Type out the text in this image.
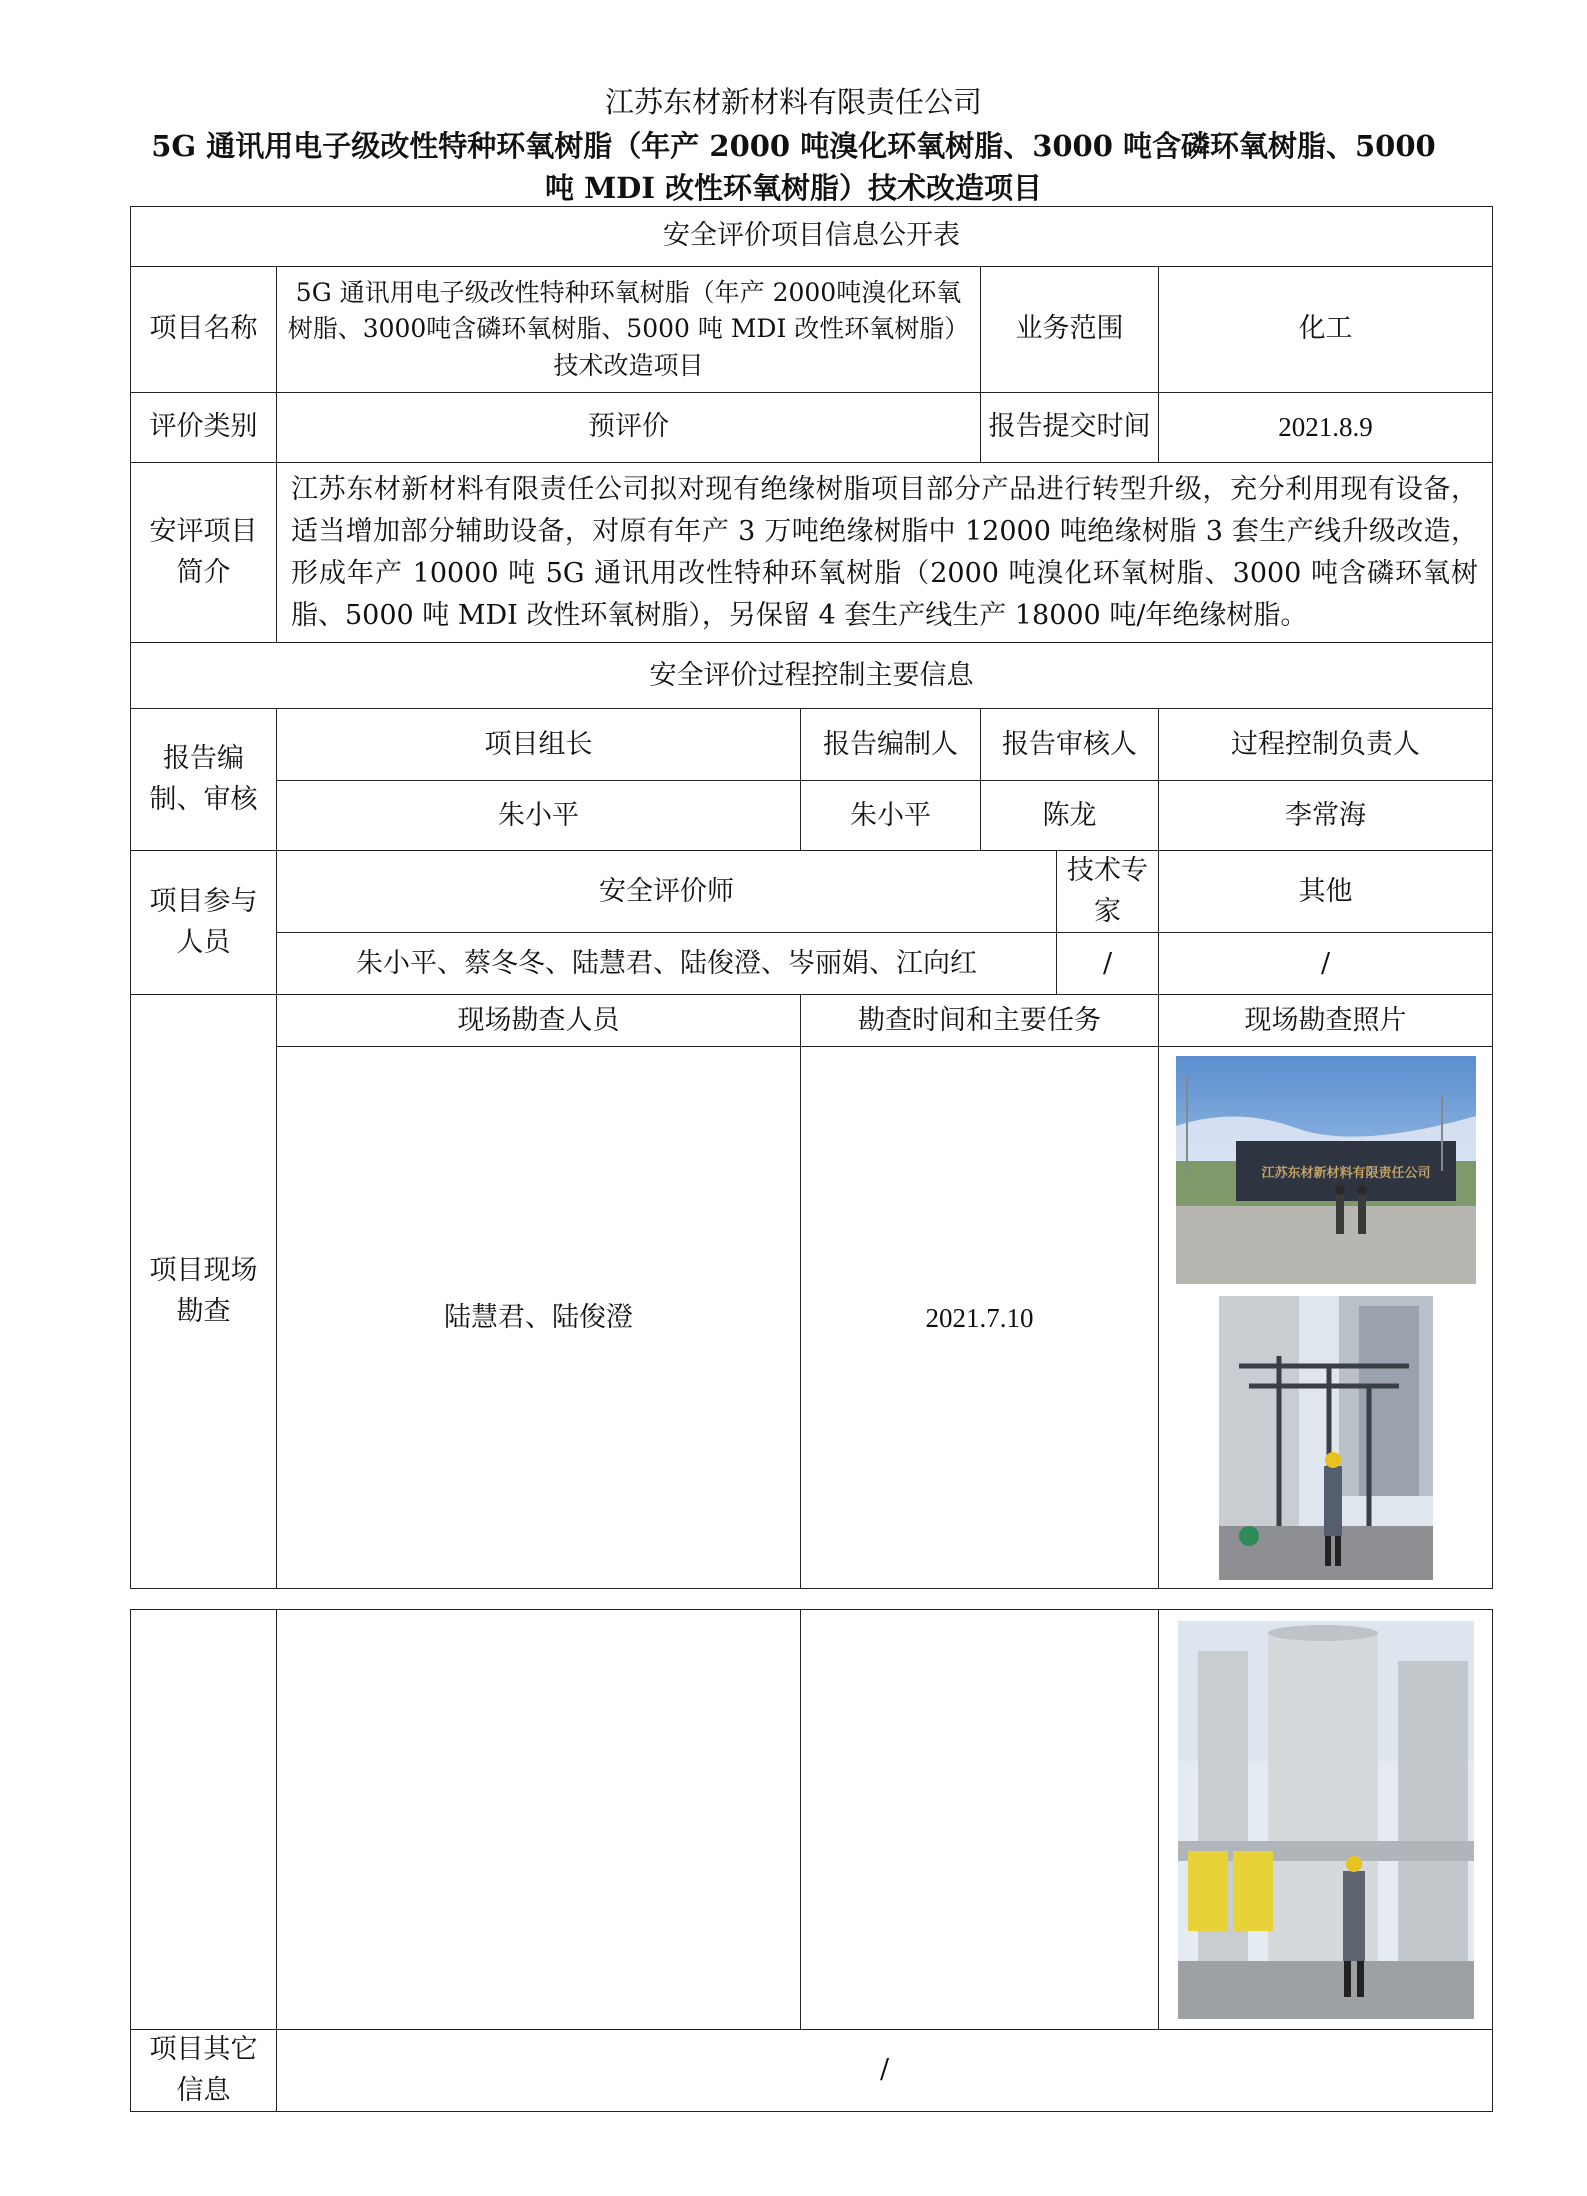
江苏东材新材料有限责任公司
5G 通讯用电子级改性特种环氧树脂（年产 2000 吨溴化环氧树脂、3000 吨含磷环氧树脂、5000
吨 MDI 改性环氧树脂）技术改造项目
安全评价项目信息公开表					
项目名称	5G 通讯用电子级改性特种环氧树脂（年产 2000吨溴化环氧树脂、3000吨含磷环氧树脂、5000 吨 MDI 改性环氧树脂）技术改造项目		业务范围		化工
评价类别	预评价		报告提交时间		2021.8.9
安评项目简介	江苏东材新材料有限责任公司拟对现有绝缘树脂项目部分产品进行转型升级，充分利用现有设备，适当增加部分辅助设备，对原有年产 3 万吨绝缘树脂中 12000 吨绝缘树脂 3 套生产线升级改造，形成年产 10000 吨 5G 通讯用改性特种环氧树脂（2000 吨溴化环氧树脂、3000 吨含磷环氧树脂、5000 吨 MDI 改性环氧树脂），另保留 4 套生产线生产 18000 吨/年绝缘树脂。				
安全评价过程控制主要信息					
报告编制、审核	项目组长	报告编制人	报告审核人		过程控制负责人
	朱小平	朱小平	陈龙		李常海
项目参与人员	安全评价师			技术专家	其他
	朱小平、蔡冬冬、陆慧君、陆俊澄、岑丽娟、江向红			/	/
项目现场勘查	现场勘查人员	勘查时间和主要任务			现场勘查照片
	陆慧君、陆俊澄	2021.7.10			江苏东材新材料有限责任公司

项目其它信息	/		
